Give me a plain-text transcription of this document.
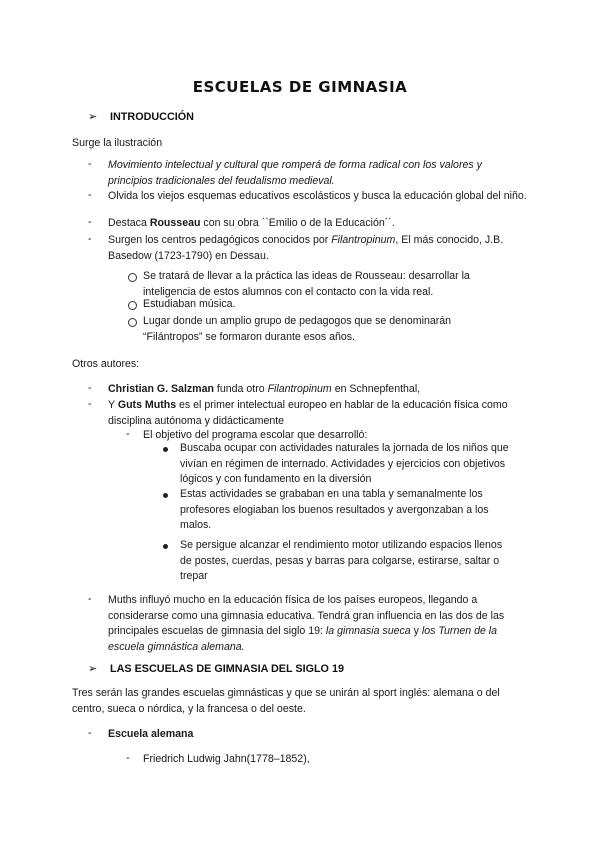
ESCUELAS DE GIMNASIA
➢ INTRODUCCIÓN
Surge la ilustración
- Movimiento intelectual y cultural que romperá de forma radical con los valores y principios tradicionales del feudalismo medieval.
- Olvida los viejos esquemas educativos escolásticos y busca la educación global del niño.
- Destaca Rousseau con su obra ``Emilio o de la Educación´´.
- Surgen los centros pedagógicos conocidos por Filantropinum, El más conocido, J.B. Basedow (1723-1790) en Dessau.
Se tratará de llevar a la práctica las ideas de Rousseau: desarrollar la inteligencia de estos alumnos con el contacto con la vida real.
Estudiaban música.
Lugar donde un amplio grupo de pedagogos que se denominarán “Filántropos” se formaron durante esos años.
Otros autores:
- Christian G. Salzman funda otro Filantropinum en Schnepfenthal,
- Y Guts Muths es el primer intelectual europeo en hablar de la educación física como disciplina autónoma y didácticamente
- El objetivo del programa escolar que desarrolló:
Buscaba ocupar con actividades naturales la jornada de los niños que vivían en régimen de internado. Actividades y ejercicios con objetivos lógicos y con fundamento en la diversión
Estas actividades se grababan en una tabla y semanalmente los profesores elogiaban los buenos resultados y avergonzaban a los malos.
Se persigue alcanzar el rendimiento motor utilizando espacios llenos de postes, cuerdas, pesas y barras para colgarse, estirarse, saltar o trepar
- Muths influyó mucho en la educación física de los países europeos, llegando a considerarse como una gimnasia educativa. Tendrá gran influencia en las dos de las principales escuelas de gimnasia del siglo 19: la gimnasia sueca y los Turnen de la escuela gimnástica alemana.
➢ LAS ESCUELAS DE GIMNASIA DEL SIGLO 19
Tres serán las grandes escuelas gimnásticas y que se unirán al sport inglés: alemana o del centro, sueca o nórdica, y la francesa o del oeste.
- Escuela alemana
- Friedrich Ludwig Jahn(1778–1852),
